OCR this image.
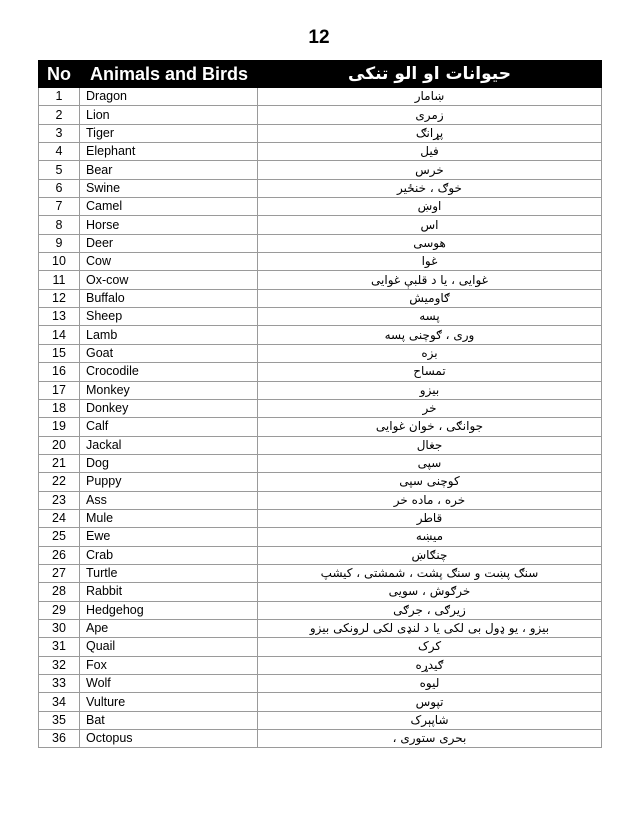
12
No	Animals and Birds	حیوانات او الو تنکی
1	Dragon	ښامار
2	Lion	زمری
3	Tiger	پړانګ
4	Elephant	فیل
5	Bear	خرس
6	Swine	خوګ ، خنځیر
7	Camel	اوښ
8	Horse	اس
9	Deer	هوسی
10	Cow	غوا
11	Ox-cow	غوایی ، یا د قلبې غوایی
12	Buffalo	ګاومیش
13	Sheep	پسه
14	Lamb	وری ، ګوچنی پسه
15	Goat	بزه
16	Crocodile	تمساح
17	Monkey	بیزو
18	Donkey	خر
19	Calf	جوانګی ، خوان غوایی
20	Jackal	جغال
21	Dog	سپی
22	Puppy	کوچنی سپی
23	Ass	خره ، ماده خر
24	Mule	قاطر
25	Ewe	میښه
26	Crab	چنګاښ
27	Turtle	سنګ پښت و سنګ پشت ، شمشتی ، کیشپ
28	Rabbit	خرګوش ، سویی
29	Hedgehog	زیرګی ، جرګی
30	Ape	بیزو ، یو ډول بی لکی یا د لنډی لکی لرونکی بیزو
31	Quail	کرک
32	Fox	ګیدړه
33	Wolf	لیوه
34	Vulture	تپوس
35	Bat	شاپېرک
36	Octopus	بحری ستوری ،
